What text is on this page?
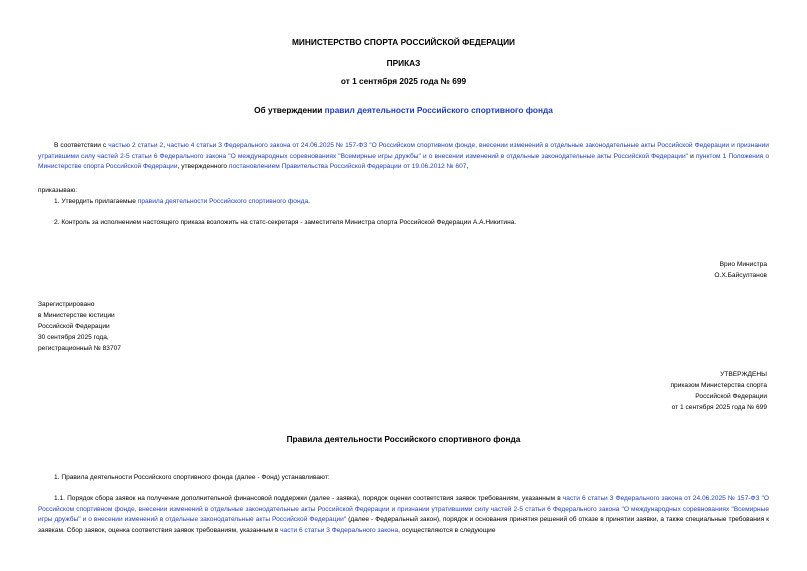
МИНИСТЕРСТВО СПОРТА РОССИЙСКОЙ ФЕДЕРАЦИИ
ПРИКАЗ
от 1 сентября 2025 года № 699
Об утверждении правил деятельности Российского спортивного фонда

В соответствии с частью 2 статьи 2, частью 4 статьи 3 Федерального закона от 24.06.2025 № 157-ФЗ "О Российском спортивном фонде, внесении изменений в отдельные законодательные акты Российской Федерации и признании утратившими силу частей 2-5 статьи 6 Федерального закона "О международных соревнованиях "Всемирные игры дружбы" и о внесении изменений в отдельные законодательные акты Российской Федерации" и пунктом 1 Положения о Министерстве спорта Российской Федерации, утвержденного постановлением Правительства Российской Федерации от 19.06.2012 № 607,

приказываю:
1. Утвердить прилагаемые правила деятельности Российского спортивного фонда.
2. Контроль за исполнением настоящего приказа возложить на статс-секретаря - заместителя Министра спорта Российской Федерации А.А.Никитина.
Врио Министра
О.Х.Байсултанов
Зарегистрировано
в Министерстве юстиции
Российской Федерации
30 сентября 2025 года,
регистрационный № 83707
УТВЕРЖДЕНЫ
приказом Министерства спорта
Российской Федерации
от 1 сентября 2025 года № 699
Правила деятельности Российского спортивного фонда
1. Правила деятельности Российского спортивного фонда (далее - Фонд) устанавливают:

1.1. Порядок сбора заявок на получение дополнительной финансовой поддержки (далее - заявка), порядок оценки соответствия заявок требованиям, указанным в части 6 статьи 3 Федерального закона от 24.06.2025 № 157-ФЗ "О Российском спортивном фонде, внесении изменений в отдельные законодательные акты Российской Федерации и признании утратившими силу частей 2-5 статьи 6 Федерального закона "О международных соревнованиях "Всемирные игры дружбы" и о внесении изменений в отдельные законодательные акты Российской Федерации" (далее - Федеральный закон), порядок и основания принятия решений об отказе в принятии заявки, а также специальные требования к заявкам. Сбор заявок, оценка соответствия заявок требованиям, указанным в части 6 статьи 3 Федерального закона, осуществляются в следующие
